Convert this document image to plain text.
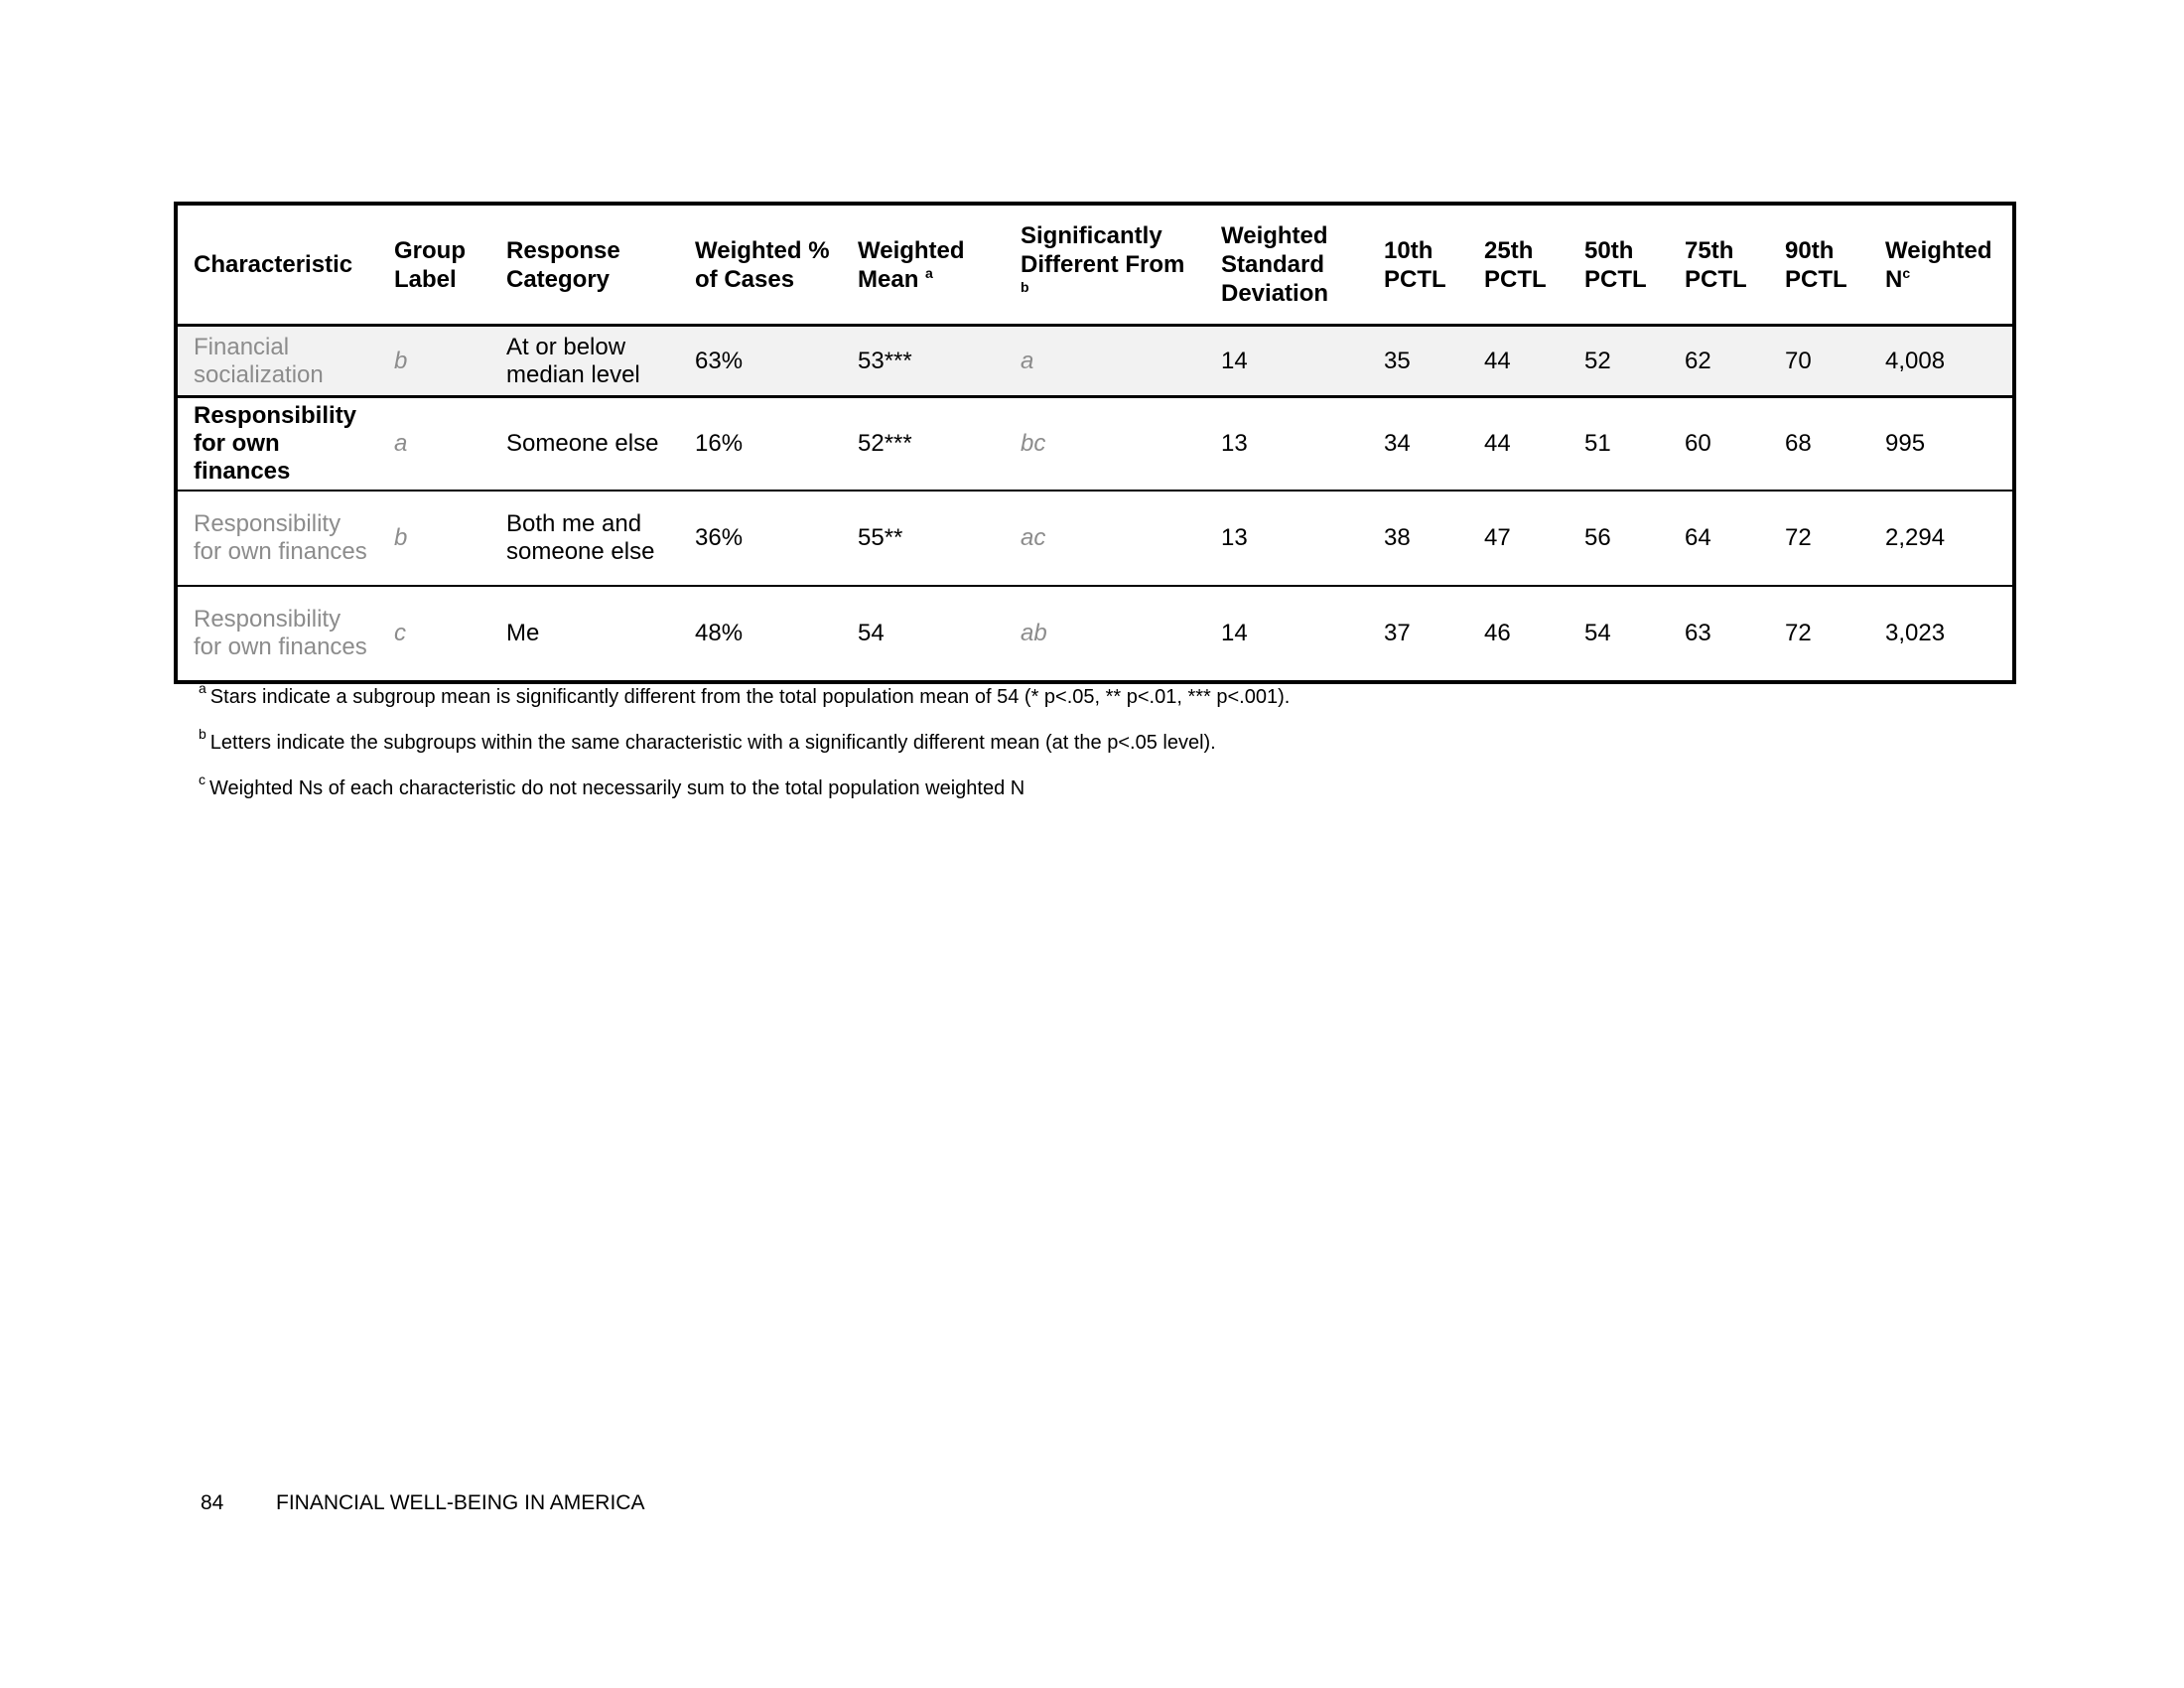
Characteristic	Group Label	Response Category	Weighted % of Cases	Weighted Mean $^a$	Significantly Different From $^b$	Weighted Standard Deviation	10th PCTL	25th PCTL	50th PCTL	75th PCTL	90th PCTL	Weighted $N^c$
Financial socialization	b	At or below median level	63%	53***	a	14	35	44	52	62	70	4,008
Responsibility for own finances	a	Someone else	16%	52***	bc	13	34	44	51	60	68	995
Responsibility for own finances	b	Both me and someone else	36%	55**	ac	13	38	47	56	64	72	2,294
Responsibility for own finances	c	Me	48%	54	ab	14	37	46	54	63	72	3,023

$^a$ Stars indicate a subgroup mean is significantly different from the total population mean of 54 (* p<.05, ** p<.01, *** p<.001).

$^b$ Letters indicate the subgroups within the same characteristic with a significantly different mean (at the p<.05 level).

$^c$ Weighted Ns of each characteristic do not necessarily sum to the total population weighted N

84	FINANCIAL WELL-BEING IN AMERICA
